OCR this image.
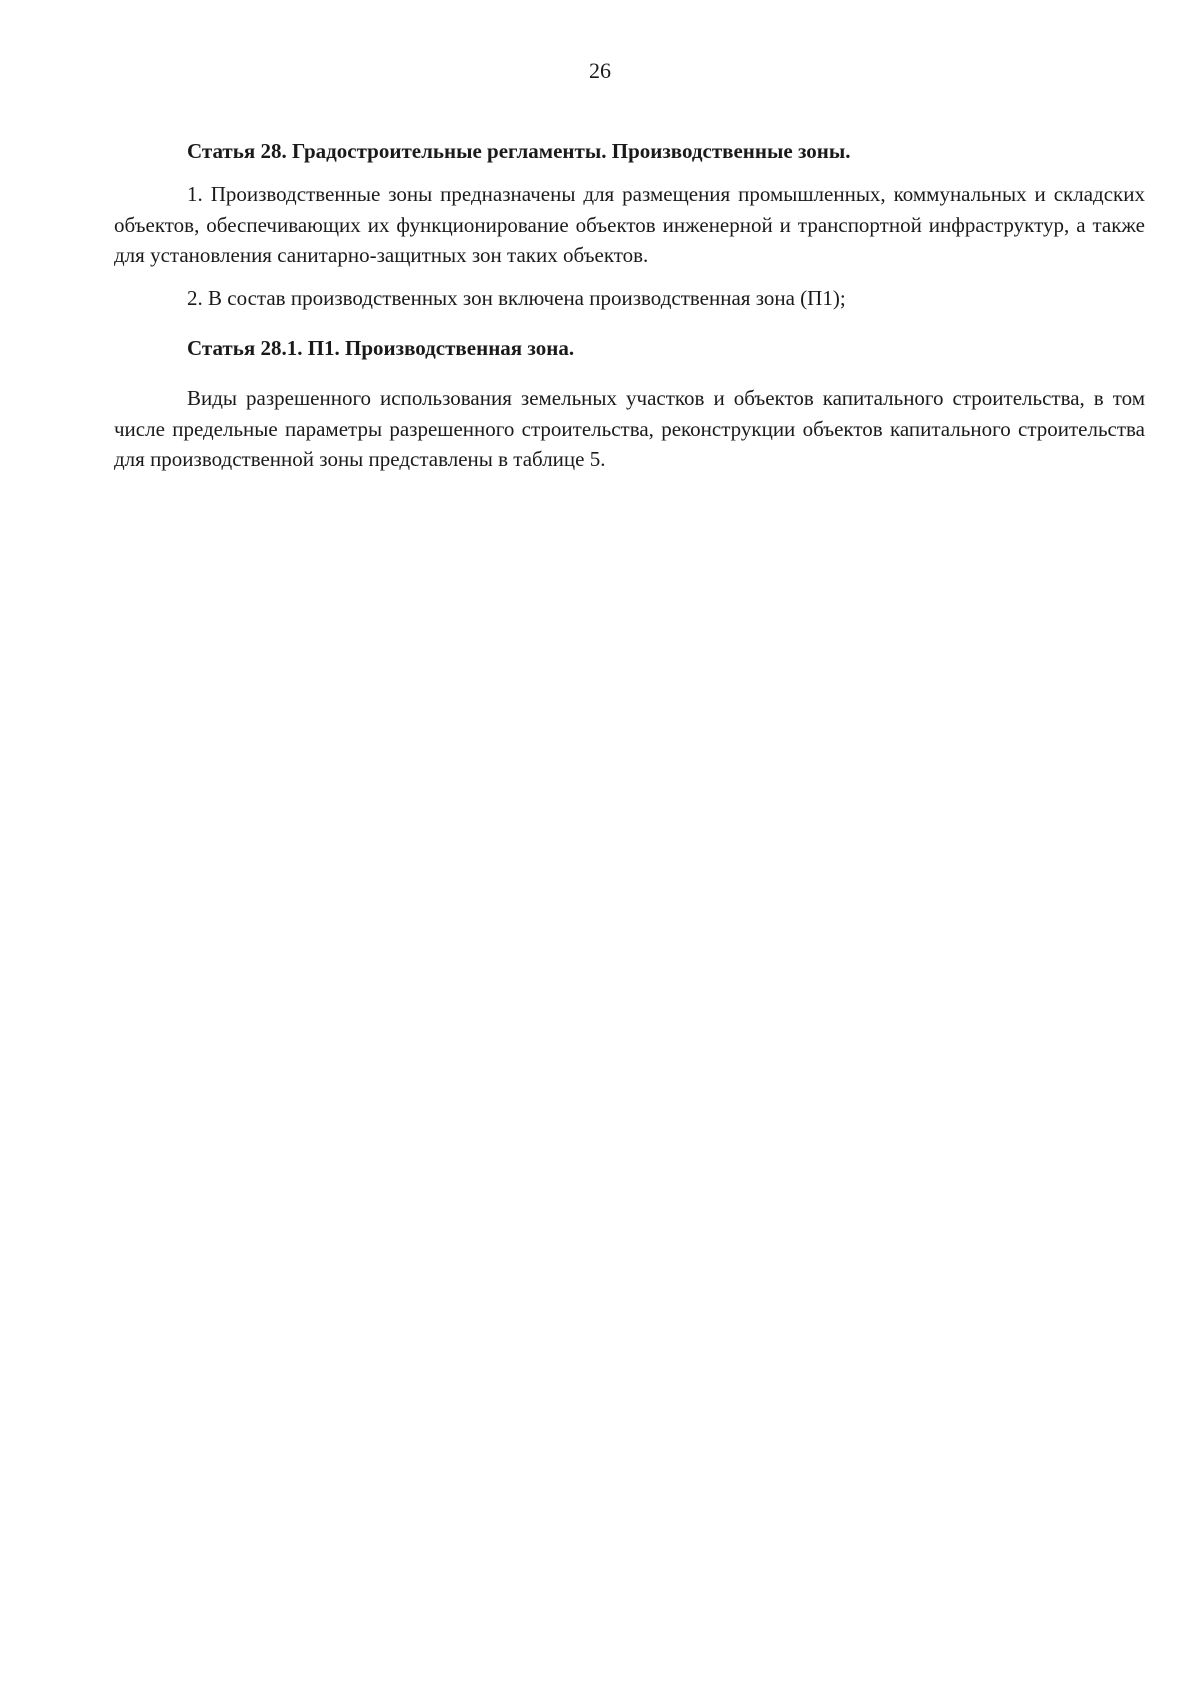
26

Статья 28. Градостроительные регламенты. Производственные зоны.

1. Производственные зоны предназначены для размещения промышленных, коммунальных и складских объектов, обеспечивающих их функционирование объектов инженерной и транспортной инфраструктур, а также для установления санитарно-защитных зон таких объектов.

2. В состав производственных зон включена производственная зона (П1);

Статья 28.1. П1. Производственная зона.

Виды разрешенного использования земельных участков и объектов капитального строительства, в том числе предельные параметры разрешенного строительства, реконструкции объектов капитального строительства для производственной зоны представлены в таблице 5.
